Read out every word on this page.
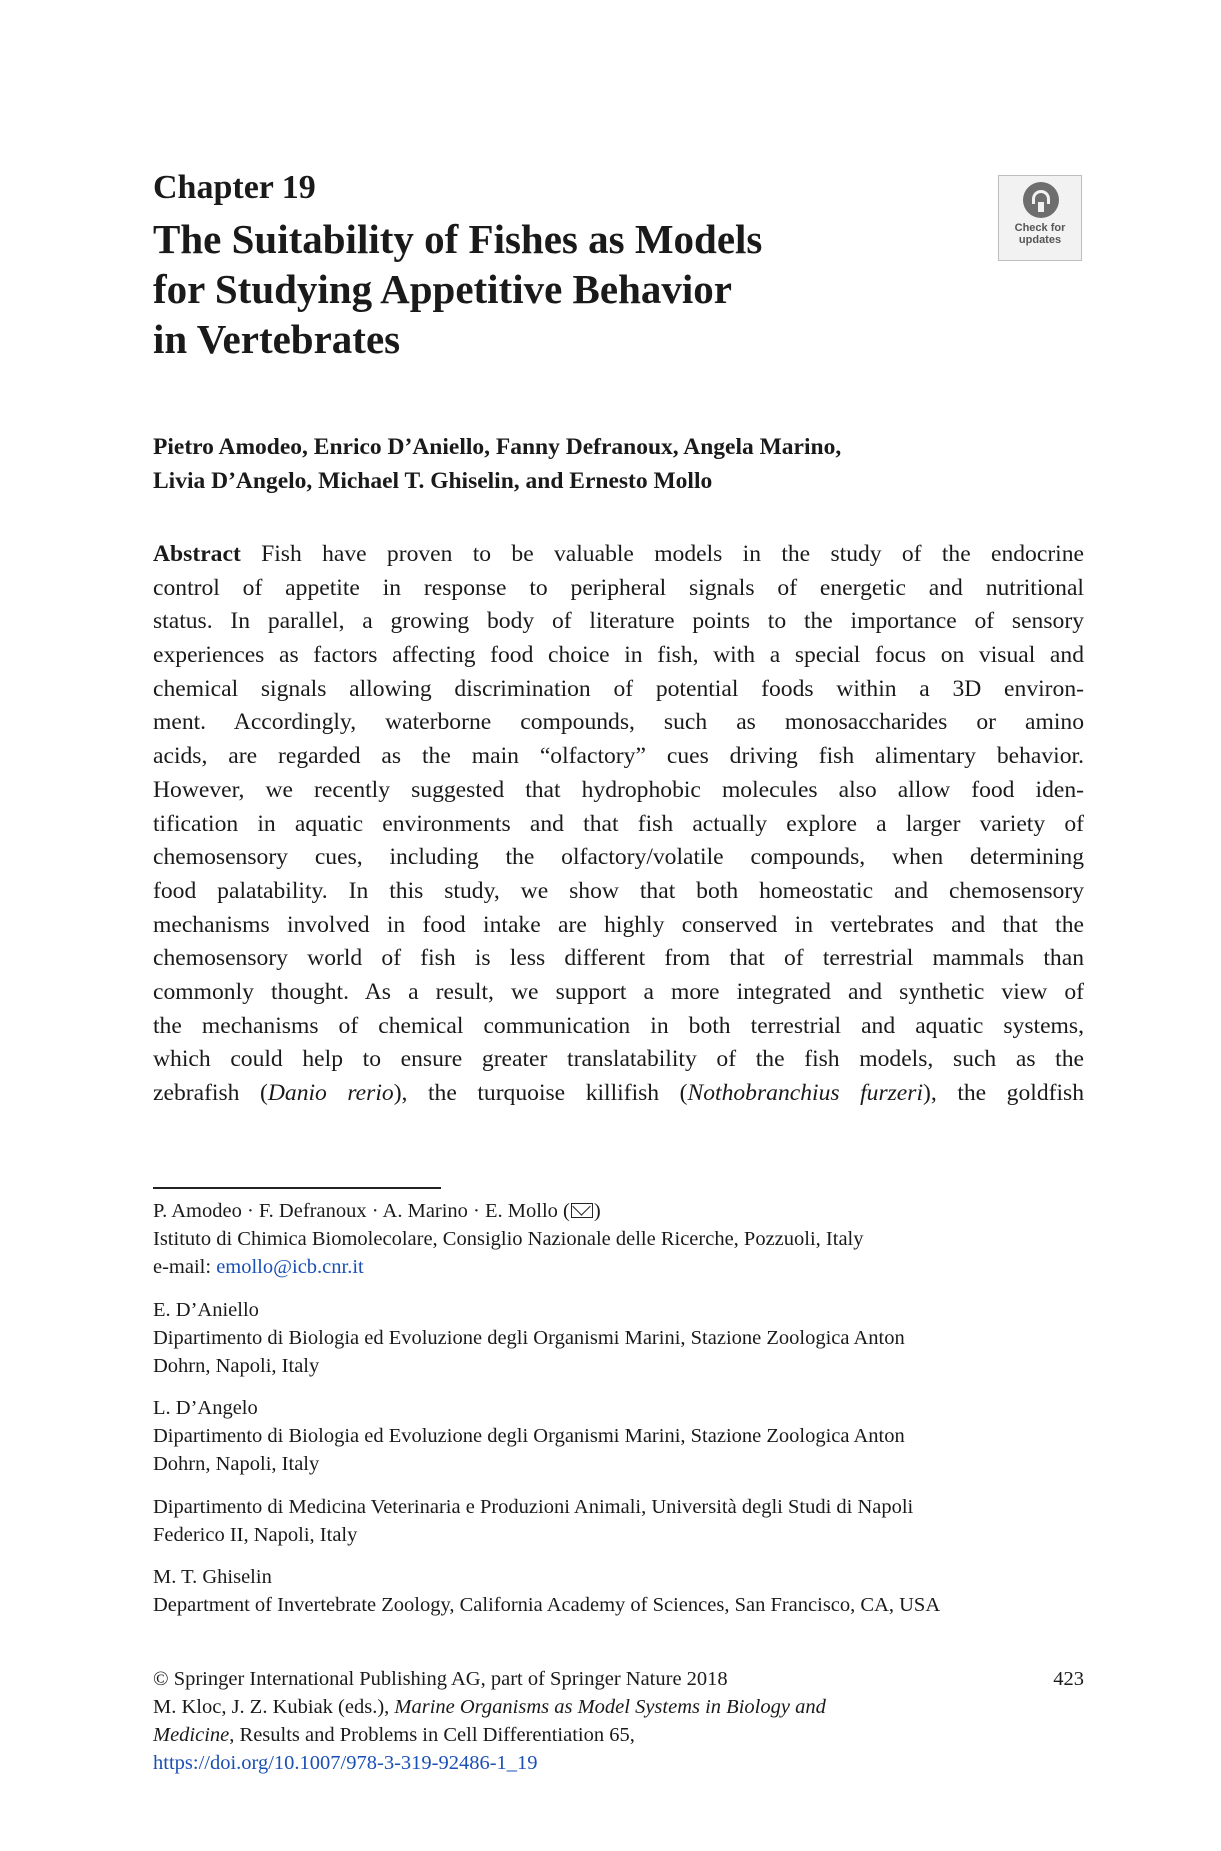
Chapter 19
The Suitability of Fishes as Models
for Studying Appetitive Behavior
in Vertebrates
Check for
updates
Pietro Amodeo, Enrico D’Aniello, Fanny Defranoux, Angela Marino,
Livia D’Angelo, Michael T. Ghiselin, and Ernesto Mollo
Abstract Fish have proven to be valuable models in the study of the endocrine
control of appetite in response to peripheral signals of energetic and nutritional
status. In parallel, a growing body of literature points to the importance of sensory
experiences as factors affecting food choice in fish, with a special focus on visual and
chemical signals allowing discrimination of potential foods within a 3D environ-
ment. Accordingly, waterborne compounds, such as monosaccharides or amino
acids, are regarded as the main “olfactory” cues driving fish alimentary behavior.
However, we recently suggested that hydrophobic molecules also allow food iden-
tification in aquatic environments and that fish actually explore a larger variety of
chemosensory cues, including the olfactory/volatile compounds, when determining
food palatability. In this study, we show that both homeostatic and chemosensory
mechanisms involved in food intake are highly conserved in vertebrates and that the
chemosensory world of fish is less different from that of terrestrial mammals than
commonly thought. As a result, we support a more integrated and synthetic view of
the mechanisms of chemical communication in both terrestrial and aquatic systems,
which could help to ensure greater translatability of the fish models, such as the
zebrafish (Danio rerio), the turquoise killifish (Nothobranchius furzeri), the goldfish
P. Amodeo · F. Defranoux · A. Marino · E. Mollo ( )
Istituto di Chimica Biomolecolare, Consiglio Nazionale delle Ricerche, Pozzuoli, Italy
e-mail: emollo@icb.cnr.it
E. D’Aniello
Dipartimento di Biologia ed Evoluzione degli Organismi Marini, Stazione Zoologica Anton
Dohrn, Napoli, Italy
L. D’Angelo
Dipartimento di Biologia ed Evoluzione degli Organismi Marini, Stazione Zoologica Anton
Dohrn, Napoli, Italy
Dipartimento di Medicina Veterinaria e Produzioni Animali, Università degli Studi di Napoli
Federico II, Napoli, Italy
M. T. Ghiselin
Department of Invertebrate Zoology, California Academy of Sciences, San Francisco, CA, USA
© Springer International Publishing AG, part of Springer Nature 2018
M. Kloc, J. Z. Kubiak (eds.), Marine Organisms as Model Systems in Biology and
Medicine, Results and Problems in Cell Differentiation 65,
https://doi.org/10.1007/978-3-319-92486-1_19
423
